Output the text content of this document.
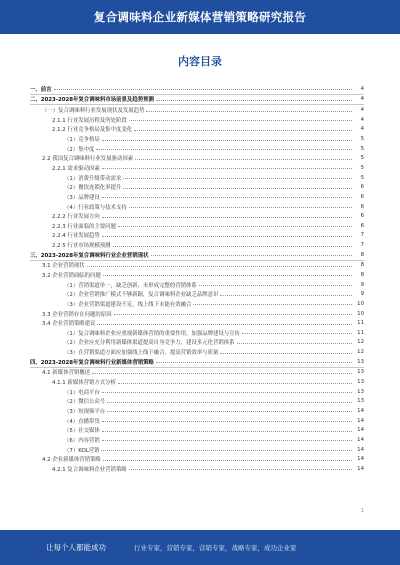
复合调味料企业新媒体营销策略研究报告
内容目录
一、前言	4
二、2023-2028年复合调味料市场前景及趋势预测	4
（一）复合调味料行业发展现状及发展趋势	4
2.1.1 行业发展历程及所处阶段	4
2.1.2 行业竞争格局及集中度变化	4
（1）竞争格局	5
（2）集中度	5
2.2 我国复合调味料行业发展驱动因素	5
2.2.1 需求驱动因素	5
（1）消费升级带动需求	5
（2）餐饮连锁化率提升	6
（3）品牌建设	6
（4）行业政策与技术支持	6
2.2.2 行业发展方向	6
2.2.3 行业面临的主要问题	6
2.2.4 行业发展趋势	7
2.2.5 行业市场规模预测	7
三、2023-2028年复合调味料行业企业营销现状	8
3.1 企业营销现状	8
3.2 企业营销面临的问题	8
（1）营销渠道单一，缺乏创新，未形成完整的营销体系	9
（2）企业营销推广模式不够新颖，复合调味料企业缺乏品牌意识	9
（3）企业营销渠道建设不足，线上线下未能有效融合	10
3.3 企业营销存在问题的原因	10
3.4 企业营销策略建议	11
（1）复合调味料企业应重视新媒体营销的重要作用，加强品牌建设与宣传	11
（2）企业应充分利用新媒体渠道提高自身竞争力，建设多元化营销体系	12
（3）在营销渠道方面应加强线上线下融合，提高营销效率与质量	12
四、2023-2028年复合调味料行业新媒体营销策略	13
4.1 新媒体营销概述	13
4.1.1 新媒体营销方式分析	13
（1）电商平台	13
（2）微信公众号	13
（3）短视频平台	14
（4）直播带货	14
（5）社交媒体	14
（6）内容营销	14
（7）KOL营销	14
4.2 企业新媒体营销策略	14
4.2.1 复合调味料企业营销策略	14
1
让每个人都能成功	行业专家，营销专家，营销专家，战略专家，成功企业家
